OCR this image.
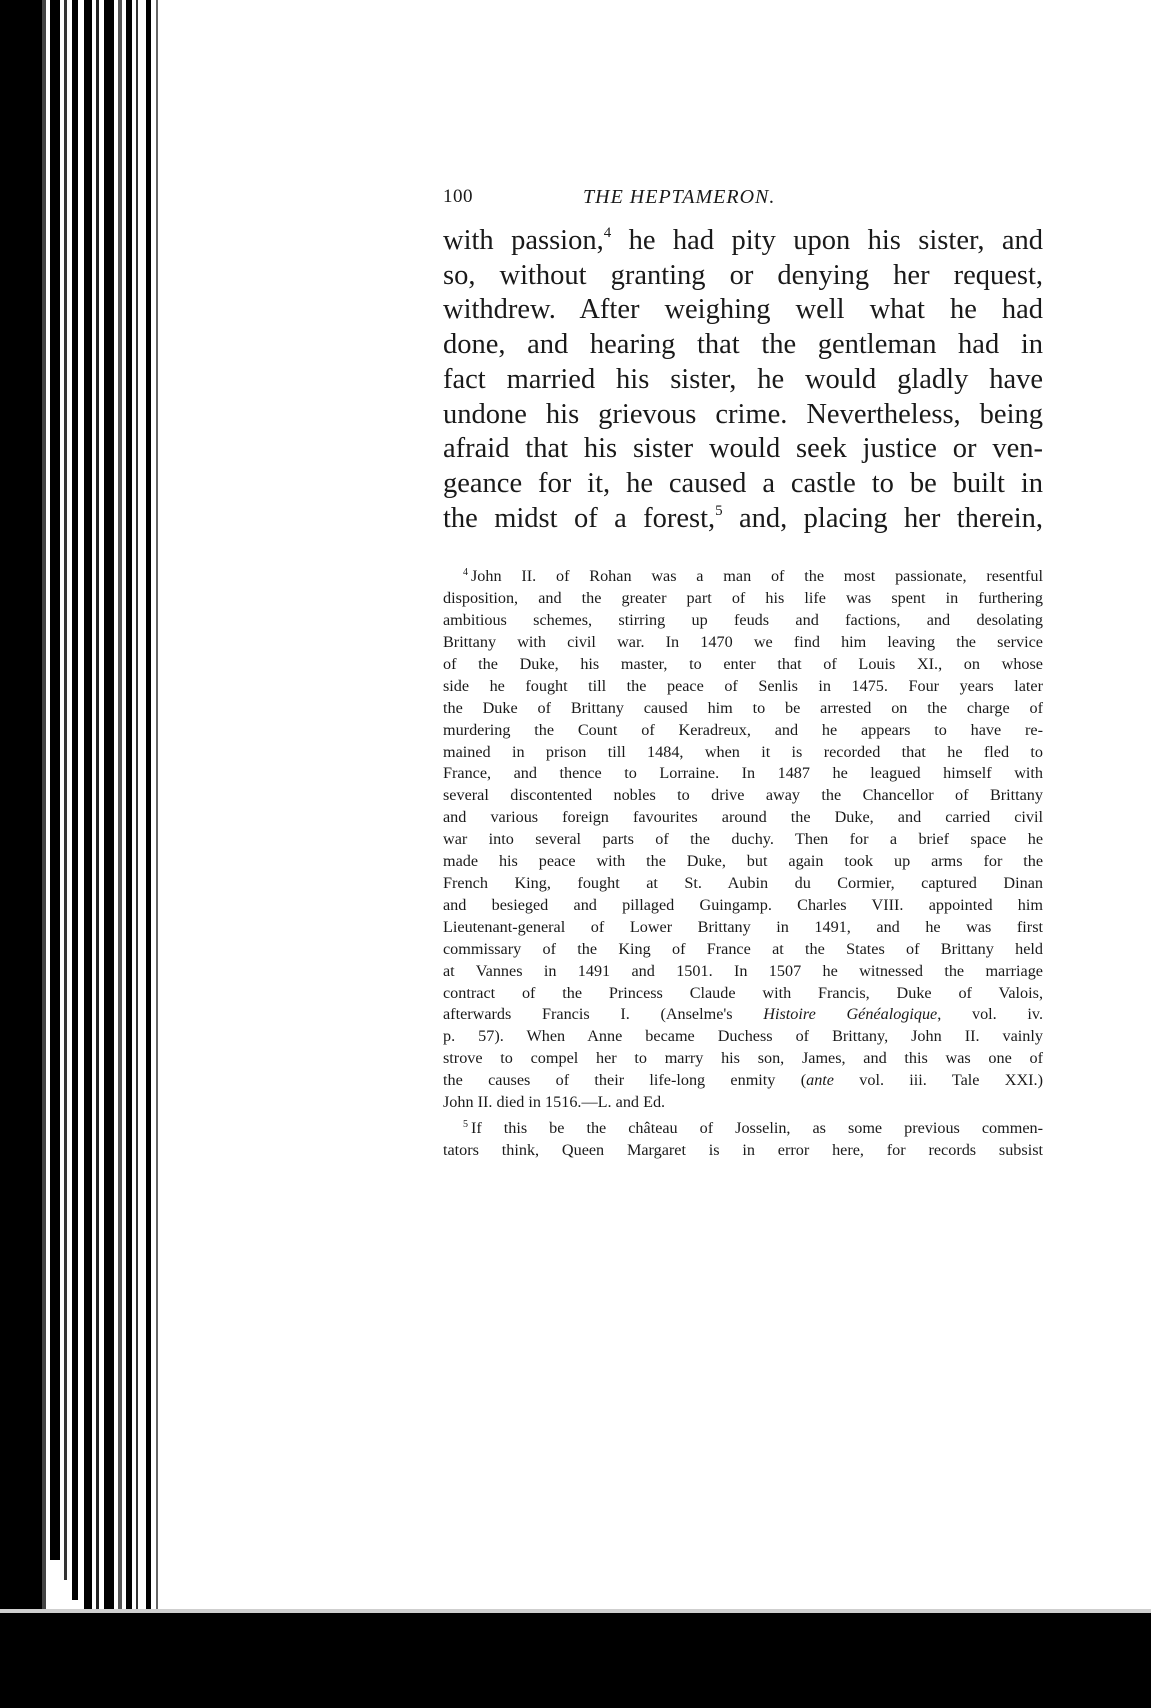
100	THE HEPTAMERON.
with passion,$^4$ he had pity upon his sister, and
so, without granting or denying her request,
withdrew. After weighing well what he had
done, and hearing that the gentleman had in
fact married his sister, he would gladly have
undone his grievous crime. Nevertheless, being
afraid that his sister would seek justice or ven-
geance for it, he caused a castle to be built in
the midst of a forest,$^5$ and, placing her therein,
$^4$ John II. of Rohan was a man of the most passionate, resentful
disposition, and the greater part of his life was spent in furthering
ambitious schemes, stirring up feuds and factions, and desolating
Brittany with civil war. In 1470 we find him leaving the service
of the Duke, his master, to enter that of Louis XI., on whose
side he fought till the peace of Senlis in 1475. Four years later
the Duke of Brittany caused him to be arrested on the charge of
murdering the Count of Keradreux, and he appears to have re-
mained in prison till 1484, when it is recorded that he fled to
France, and thence to Lorraine. In 1487 he leagued himself with
several discontented nobles to drive away the Chancellor of Brittany
and various foreign favourites around the Duke, and carried civil
war into several parts of the duchy. Then for a brief space he
made his peace with the Duke, but again took up arms for the
French King, fought at St. Aubin du Cormier, captured Dinan
and besieged and pillaged Guingamp. Charles VIII. appointed him
Lieutenant-general of Lower Brittany in 1491, and he was first
commissary of the King of France at the States of Brittany held
at Vannes in 1491 and 1501. In 1507 he witnessed the marriage
contract of the Princess Claude with Francis, Duke of Valois,
afterwards Francis I. (Anselme's Histoire Généalogique, vol. iv.
p. 57). When Anne became Duchess of Brittany, John II. vainly
strove to compel her to marry his son, James, and this was one of
the causes of their life-long enmity (ante vol. iii. Tale XXI.)
John II. died in 1516.—L. and Ed.
$^5$ If this be the château of Josselin, as some previous commen-
tators think, Queen Margaret is in error here, for records subsist
